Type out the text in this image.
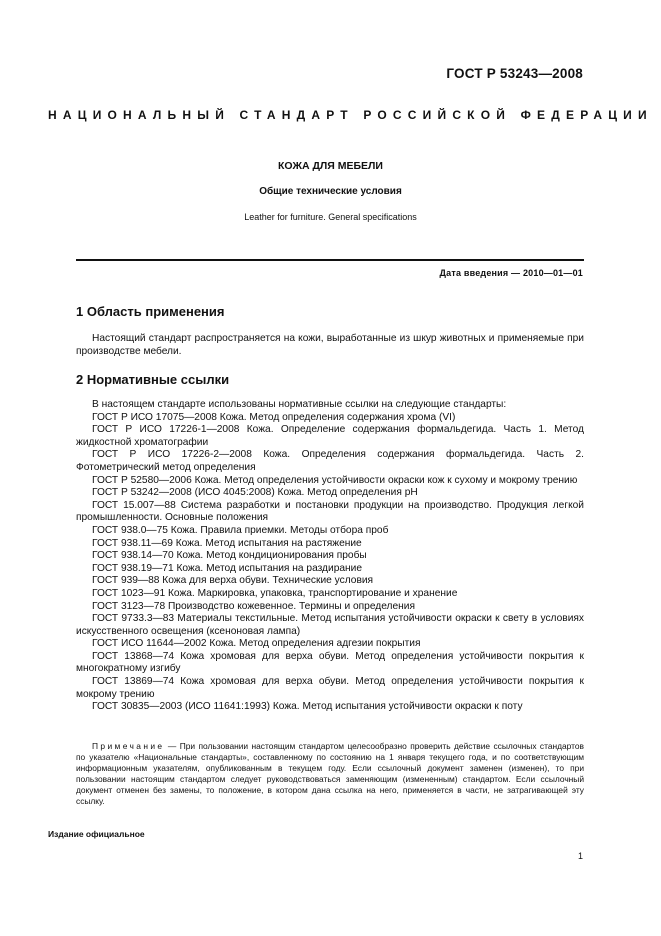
ГОСТ Р 53243—2008
НАЦИОНАЛЬНЫЙ СТАНДАРТ РОССИЙСКОЙ ФЕДЕРАЦИИ
КОЖА ДЛЯ МЕБЕЛИ
Общие технические условия
Leather for furniture. General specifications
Дата введения — 2010—01—01
1 Область применения
Настоящий стандарт распространяется на кожи, выработанные из шкур животных и применяемые при производстве мебели.
2 Нормативные ссылки
В настоящем стандарте использованы нормативные ссылки на следующие стандарты:
ГОСТ Р ИСО 17075—2008 Кожа. Метод определения содержания хрома (VI)
ГОСТ Р ИСО 17226-1—2008 Кожа. Определение содержания формальдегида. Часть 1. Метод жидкостной хроматографии
ГОСТ Р ИСО 17226-2—2008 Кожа. Определения содержания формальдегида. Часть 2. Фотометрический метод определения
ГОСТ Р 52580—2006 Кожа. Метод определения устойчивости окраски кож к сухому и мокрому трению
ГОСТ Р 53242—2008 (ИСО 4045:2008) Кожа. Метод определения pH
ГОСТ 15.007—88 Система разработки и постановки продукции на производство. Продукция легкой промышленности. Основные положения
ГОСТ 938.0—75 Кожа. Правила приемки. Методы отбора проб
ГОСТ 938.11—69 Кожа. Метод испытания на растяжение
ГОСТ 938.14—70 Кожа. Метод кондиционирования пробы
ГОСТ 938.19—71 Кожа. Метод испытания на раздирание
ГОСТ 939—88 Кожа для верха обуви. Технические условия
ГОСТ 1023—91 Кожа. Маркировка, упаковка, транспортирование и хранение
ГОСТ 3123—78 Производство кожевенное. Термины и определения
ГОСТ 9733.3—83 Материалы текстильные. Метод испытания устойчивости окраски к свету в условиях искусственного освещения (ксеноновая лампа)
ГОСТ ИСО 11644—2002 Кожа. Метод определения адгезии покрытия
ГОСТ 13868—74 Кожа хромовая для верха обуви. Метод определения устойчивости покрытия к многократному изгибу
ГОСТ 13869—74 Кожа хромовая для верха обуви. Метод определения устойчивости покрытия к мокрому трению
ГОСТ 30835—2003 (ИСО 11641:1993) Кожа. Метод испытания устойчивости окраски к поту
Примечание — При пользовании настоящим стандартом целесообразно проверить действие ссылочных стандартов по указателю «Национальные стандарты», составленному по состоянию на 1 января текущего года, и по соответствующим информационным указателям, опубликованным в текущем году. Если ссылочный документ заменен (изменен), то при пользовании настоящим стандартом следует руководствоваться заменяющим (измененным) стандартом. Если ссылочный документ отменен без замены, то положение, в котором дана ссылка на него, применяется в части, не затрагивающей эту ссылку.
Издание официальное
1
